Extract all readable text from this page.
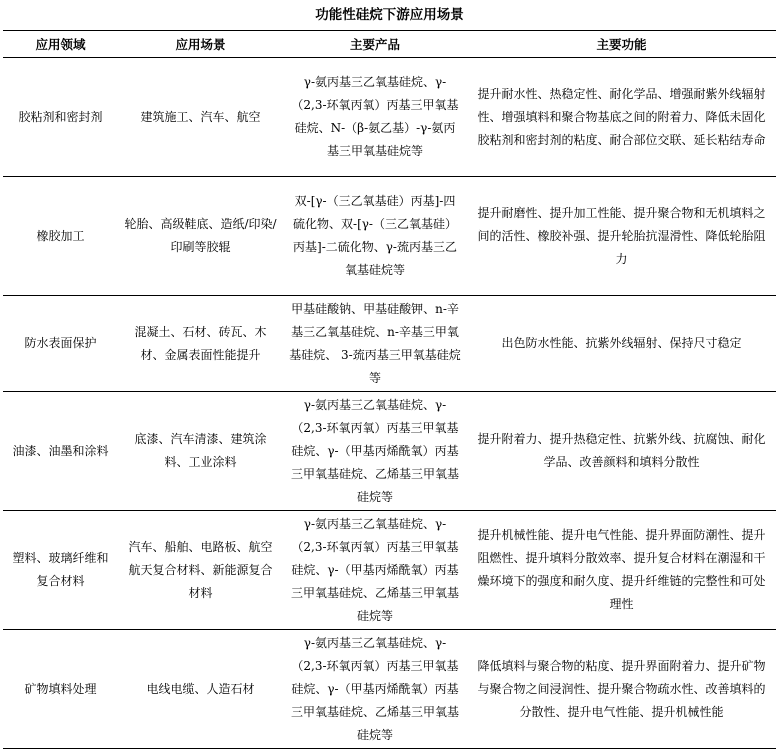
功能性硅烷下游应用场景
应用领域	应用场景	主要产品	主要功能
胶粘剂和密封剂	建筑施工、汽车、航空	γ-氨丙基三乙氧基硅烷、γ-（2,3-环氧丙氧）丙基三甲氧基硅烷、N-（β-氨乙基）-γ-氨丙基三甲氧基硅烷等	提升耐水性、热稳定性、耐化学品、增强耐紫外线辐射性、增强填料和聚合物基底之间的附着力、降低未固化胶粘剂和密封剂的粘度、耐合部位交联、延长粘结寿命
橡胶加工	轮胎、高级鞋底、造纸/印染/印刷等胶辊	双-[γ-（三乙氧基硅）丙基]-四硫化物、双-[γ-（三乙氧基硅）丙基]-二硫化物、γ-巯丙基三乙氧基硅烷等	提升耐磨性、提升加工性能、提升聚合物和无机填料之间的活性、橡胶补强、提升轮胎抗湿滑性、降低轮胎阻力
防水表面保护	混凝土、石材、砖瓦、木材、金属表面性能提升	甲基硅酸钠、甲基硅酸钾、n-辛基三乙氧基硅烷、n-辛基三甲氧基硅烷、 3-巯丙基三甲氧基硅烷等	出色防水性能、抗紫外线辐射、保持尺寸稳定
油漆、油墨和涂料	底漆、汽车清漆、建筑涂料、工业涂料	γ-氨丙基三乙氧基硅烷、γ-（2,3-环氧丙氧）丙基三甲氧基硅烷、γ-（甲基丙烯酰氧）丙基三甲氧基硅烷、乙烯基三甲氧基硅烷等	提升附着力、提升热稳定性、抗紫外线、抗腐蚀、耐化学品、改善颜料和填料分散性
塑料、玻璃纤维和复合材料	汽车、船舶、电路板、航空航天复合材料、新能源复合材料	γ-氨丙基三乙氧基硅烷、γ-（2,3-环氧丙氧）丙基三甲氧基硅烷、γ-（甲基丙烯酰氧）丙基三甲氧基硅烷、乙烯基三甲氧基硅烷等	提升机械性能、提升电气性能、提升界面防潮性、提升阻燃性、提升填料分散效率、提升复合材料在潮湿和干燥环境下的强度和耐久度、提升纤维链的完整性和可处理性
矿物填料处理	电线电缆、人造石材	γ-氨丙基三乙氧基硅烷、γ-（2,3-环氧丙氧）丙基三甲氧基硅烷、γ-（甲基丙烯酰氧）丙基三甲氧基硅烷、乙烯基三甲氧基硅烷等	降低填料与聚合物的粘度、提升界面附着力、提升矿物与聚合物之间浸润性、提升聚合物疏水性、改善填料的分散性、提升电气性能、提升机械性能
